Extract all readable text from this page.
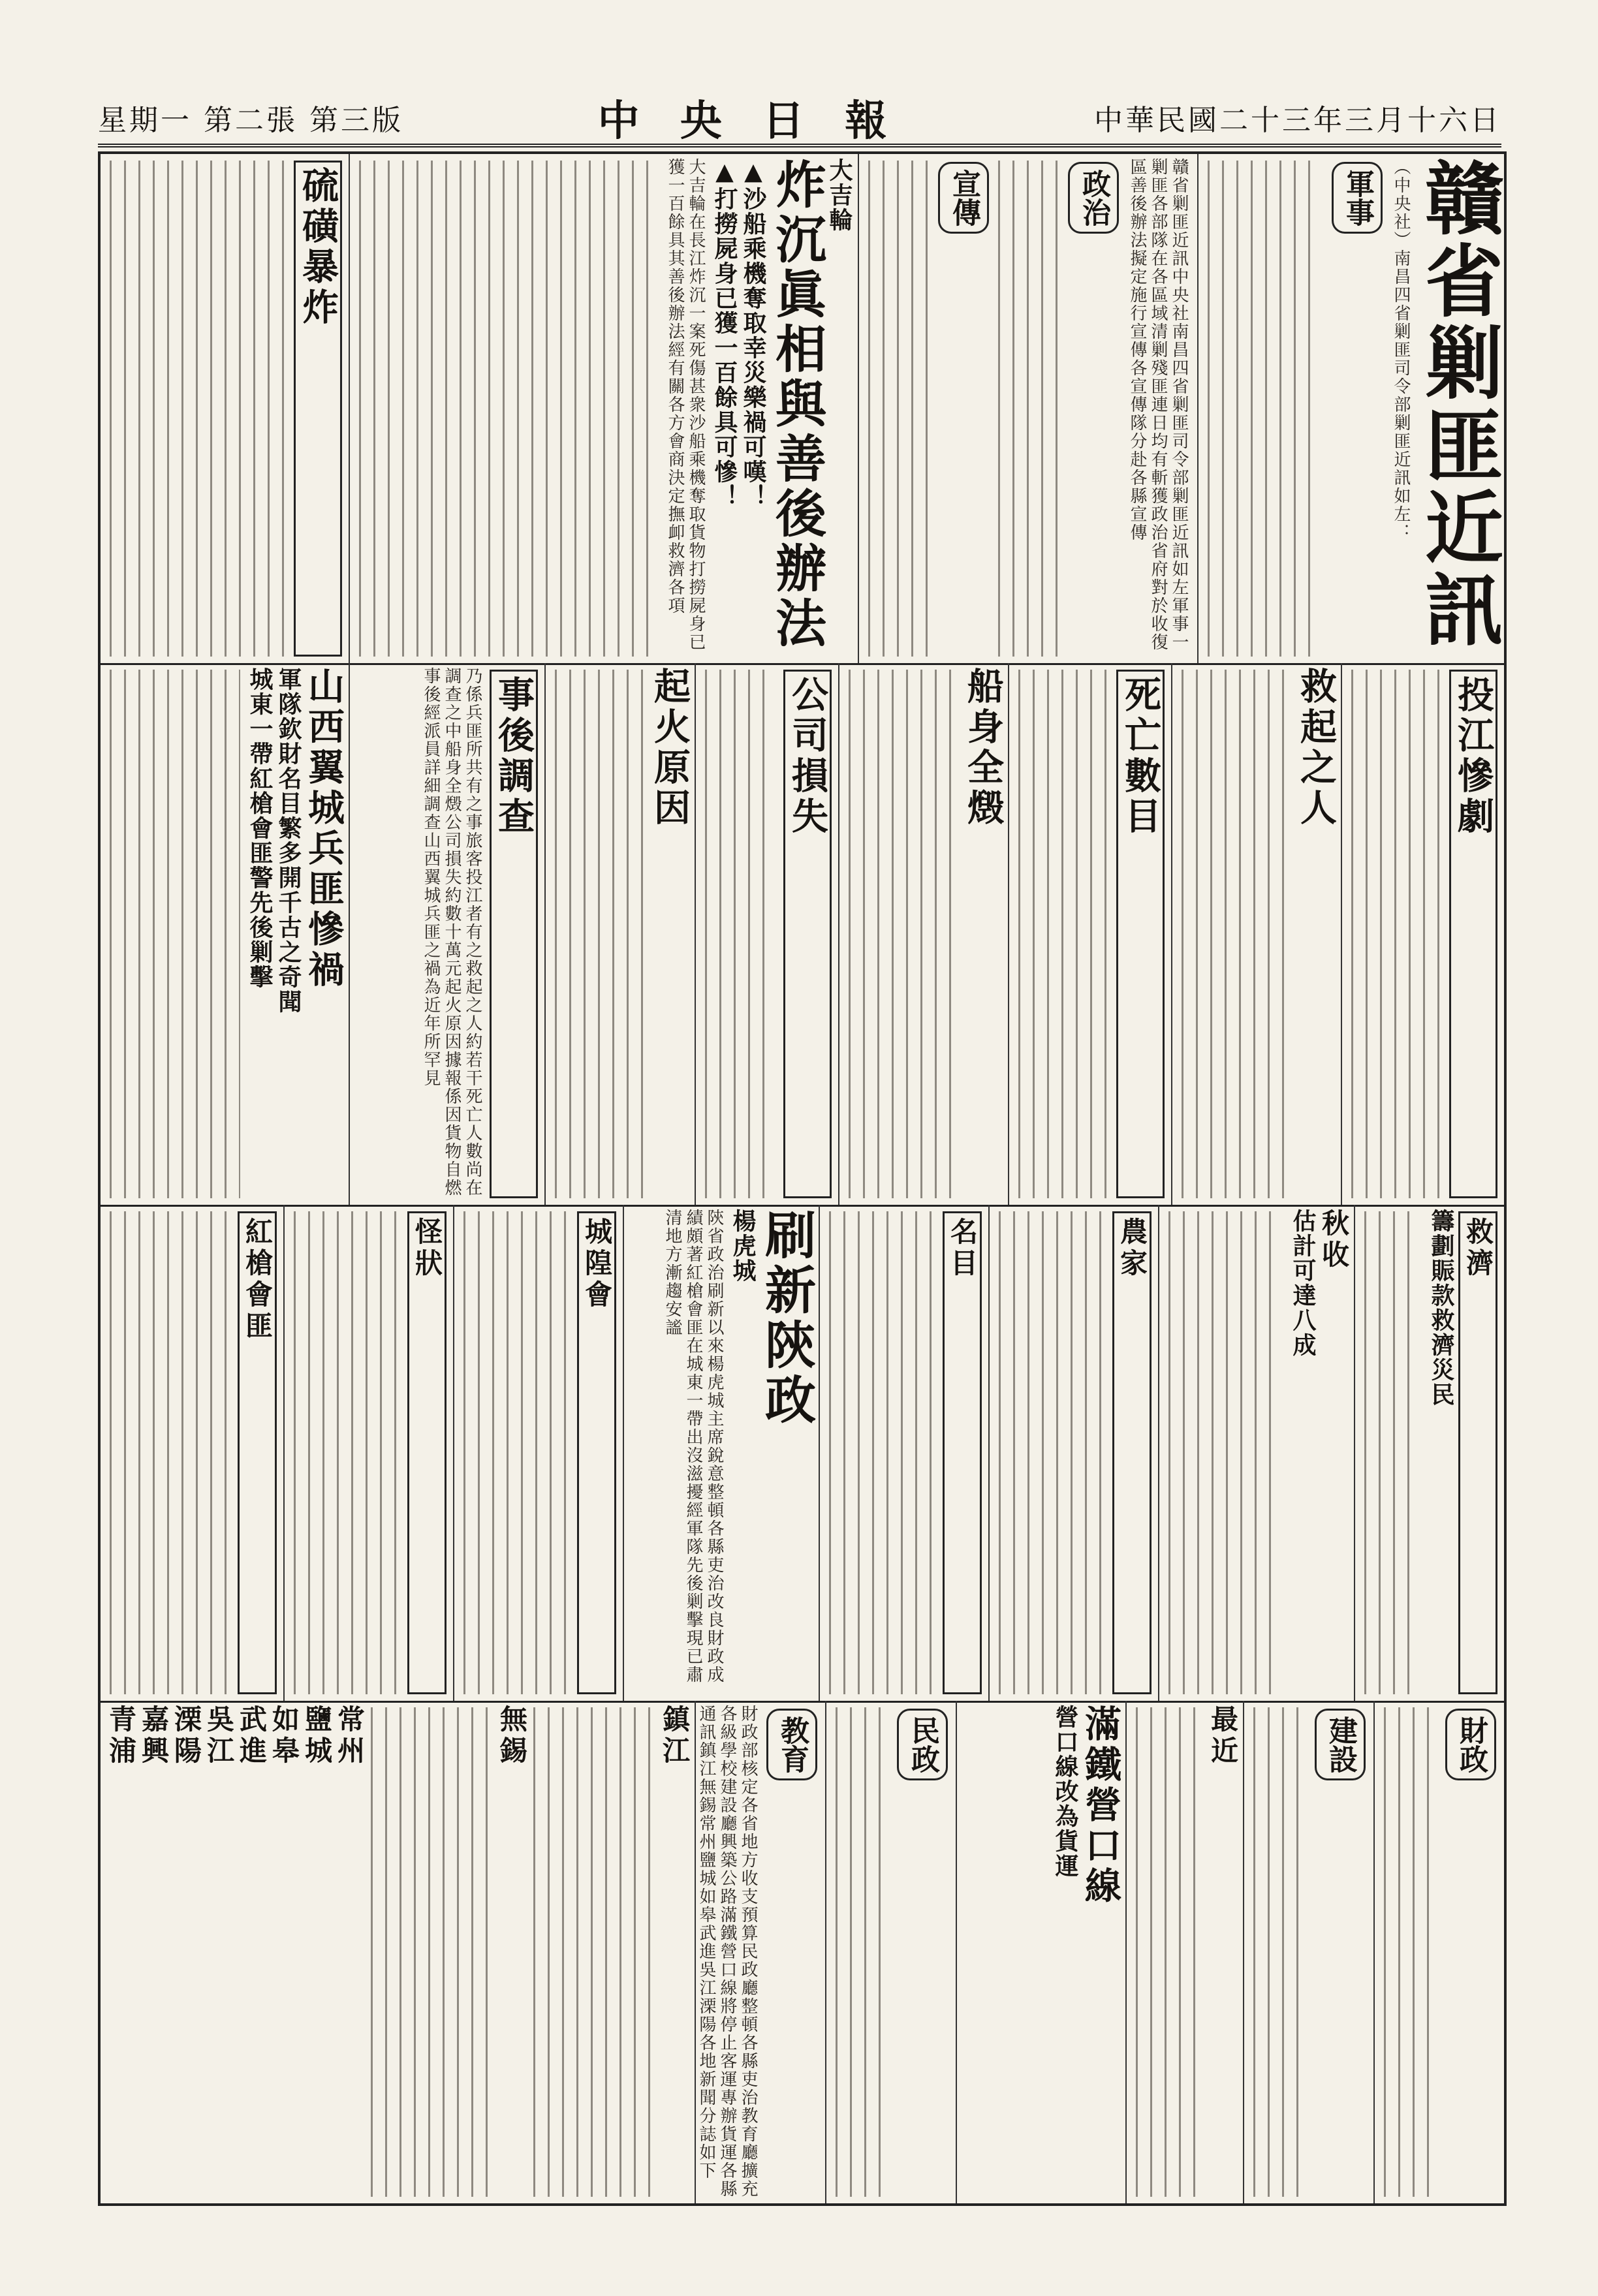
星期一 第二張 第三版	中 央 日 報	中華民國二十三年三月十六日
贛省剿匪近訊
（中央社）南昌四省剿匪司令部剿匪近訊如左：
軍事
贛省剿匪近訊中央社南昌四省剿匪司令部剿匪近訊如左軍事一剿匪各部隊在各區域清剿殘匪連日均有斬獲政治省府對於收復區善後辦法擬定施行宣傳各宣傳隊分赴各縣宣傳
政治
宣傳
大吉輪
炸沉眞相與善後辦法
▲沙船乘機奪取幸災樂禍可嘆！
▲打撈屍身已獲一百餘具可慘！
大吉輪在長江炸沉一案死傷甚衆沙船乘機奪取貨物打撈屍身已獲一百餘具其善後辦法經有關各方會商決定撫卹救濟各項
硫磺暴炸
投江慘劇
救起之人
死亡數目
船身全燬
公司損失
起火原因
事後調查
乃係兵匪所共有之事旅客投江者有之救起之人約若干死亡人數尚在調查之中船身全燬公司損失約數十萬元起火原因據報係因貨物自燃事後經派員詳細調查山西翼城兵匪之禍為近年所罕見
山西翼城兵匪慘禍
軍隊欽財名目繁多開千古之奇聞
城東一帶紅槍會匪警先後剿擊
救濟
籌劃賑款救濟災民
秋收
估計可達八成
農家
名目
刷新陝政
楊虎城
陝省政治刷新以來楊虎城主席銳意整頓各縣吏治改良財政成績頗著紅槍會匪在城東一帶出沒滋擾經軍隊先後剿擊現已肅清地方漸趨安謐
城隍會
怪狀
紅槍會匪
財政
建設
最近
滿鐵營口線
營口線改為貨運
民政
教育
財政部核定各省地方收支預算民政廳整頓各縣吏治教育廳擴充各級學校建設廳興築公路滿鐵營口線將停止客運專辦貨運各縣通訊鎮江無錫常州鹽城如皋武進吳江溧陽各地新聞分誌如下
鎮江
無錫
常州
鹽城
如皋
武進
吳江
溧陽
嘉興
青浦
